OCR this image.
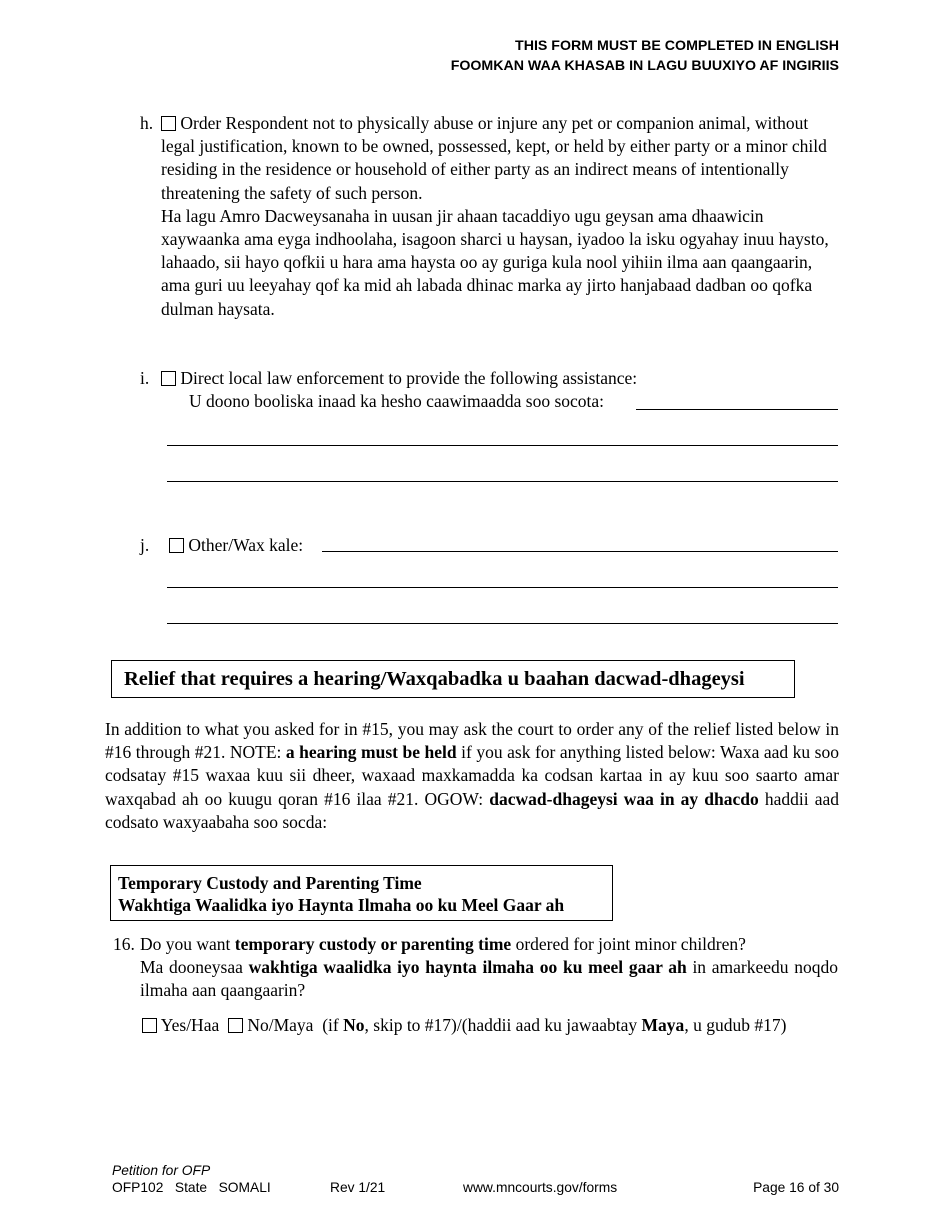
THIS FORM MUST BE COMPLETED IN ENGLISH
FOOMKAN WAA KHASAB IN LAGU BUUXIYO AF INGIRIIS
h.	Order Respondent not to physically abuse or injure any pet or companion animal, without legal justification, known to be owned, possessed, kept, or held by either party or a minor child residing in the residence or household of either party as an indirect means of intentionally threatening the safety of such person.
Ha lagu Amro Dacweysanaha in uusan jir ahaan tacaddiyo ugu geysan ama dhaawicin xaywaanka ama eyga indhoolaha, isagoon sharci u haysan, iyadoo la isku ogyahay inuu haysto, lahaado, sii hayo qofkii u hara ama haysta oo ay guriga kula nool yihiin ilma aan qaangaarin, ama guri uu leeyahay qof ka mid ah labada dhinac marka ay jirto hanjabaad dadban oo qofka dulman haysata.
i.	Direct local law enforcement to provide the following assistance:
U doono booliska inaad ka hesho caawimaadda soo socota:
j.	Other/Wax kale:
Relief that requires a hearing/Waxqabadka u baahan dacwad-dhageysi
In addition to what you asked for in #15, you may ask the court to order any of the relief listed below in #16 through #21. NOTE: a hearing must be held if you ask for anything listed below: Waxa aad ku soo codsatay #15 waxaa kuu sii dheer, waxaad maxkamadda ka codsan kartaa in ay kuu soo saarto amar waxqabad ah oo kuugu qoran #16 ilaa #21. OGOW: dacwad-dhageysi waa in ay dhacdo haddii aad codsato waxyaabaha soo socda:
Temporary Custody and Parenting Time
Wakhtiga Waalidka iyo Haynta Ilmaha oo ku Meel Gaar ah
16. Do you want temporary custody or parenting time ordered for joint minor children?
Ma dooneysaa wakhtiga waalidka iyo haynta ilmaha oo ku meel gaar ah in amarkeedu noqdo ilmaha aan qaangaarin?
Yes/Haa No/Maya (if No, skip to #17)/(haddii aad ku jawaabtay Maya, u gudub #17)
Petition for OFP
OFP102   State   SOMALI	Rev 1/21	www.mncourts.gov/forms	Page 16 of 30
